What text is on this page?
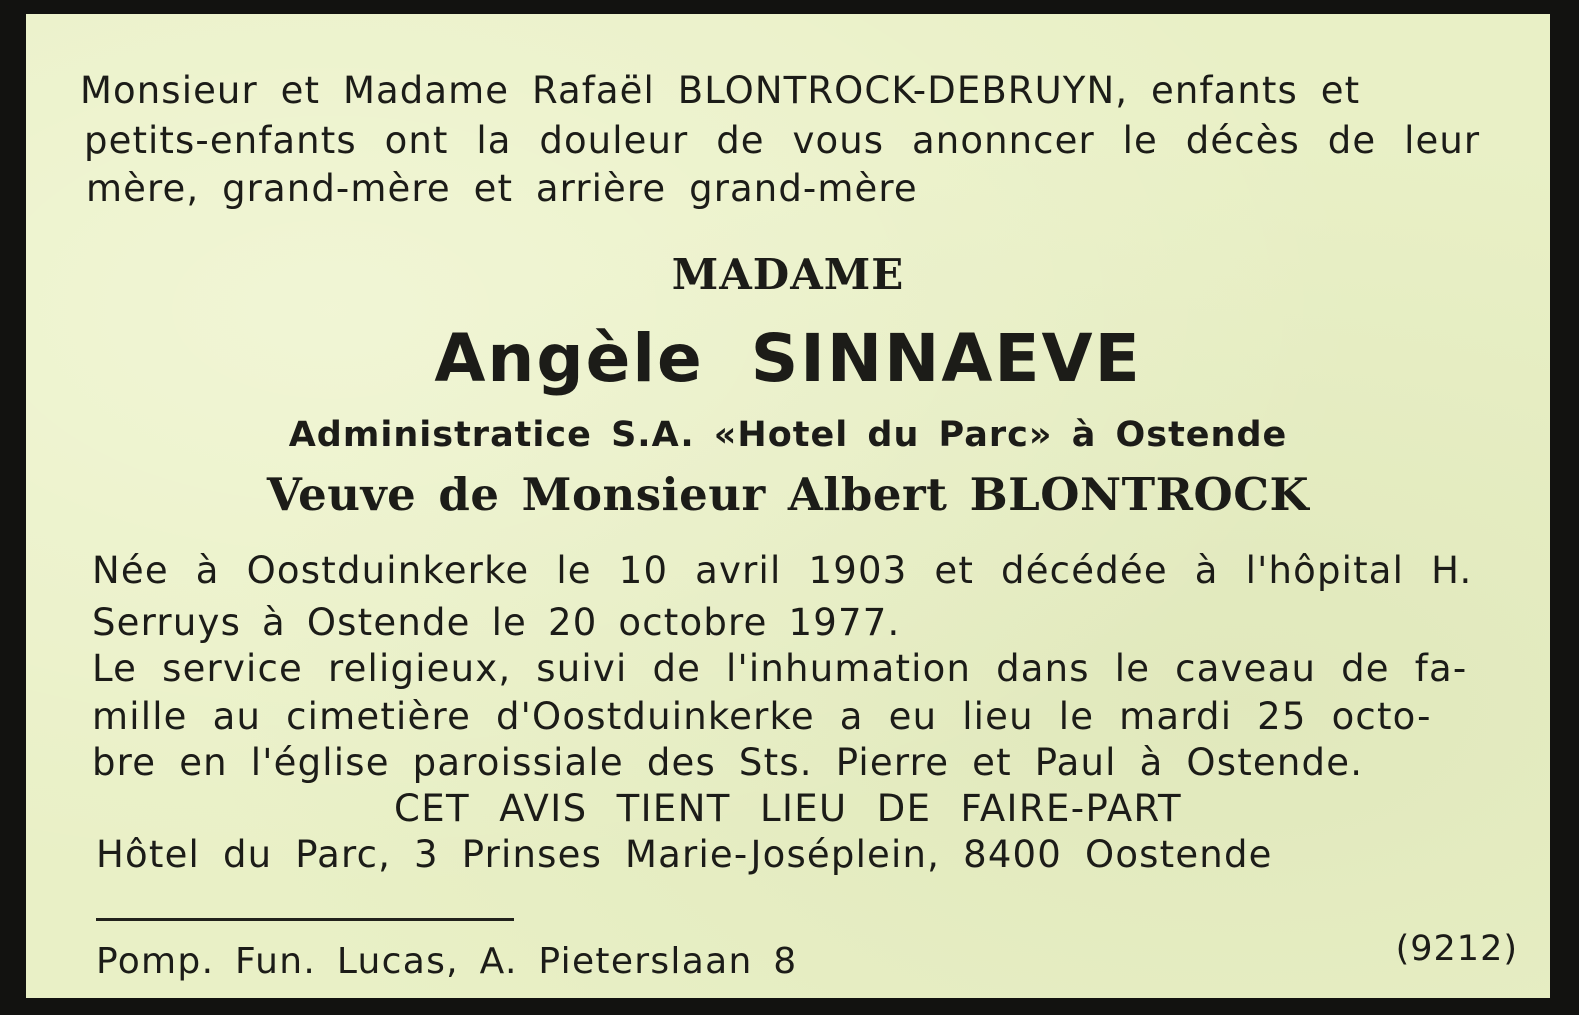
Monsieur et Madame Rafaël BLONTROCK-DEBRUYN, enfants et

petits-enfants ont la douleur de vous anonncer le décès de leur

mère, grand-mère et arrière grand-mère

MADAME
Angèle SINNAEVE

Administratice S.A. «Hotel du Parc» à Ostende

Veuve de Monsieur Albert BLONTROCK

Née à Oostduinkerke le 10 avril 1903 et décédée à l'hôpital H.

Serruys à Ostende le 20 octobre 1977.

Le service religieux, suivi de l'inhumation dans le caveau de fa-

mille au cimetière d'Oostduinkerke a eu lieu le mardi 25 octo-

bre en l'église paroissiale des Sts. Pierre et Paul à Ostende.

CET AVIS TIENT LIEU DE FAIRE-PART

Hôtel du Parc, 3 Prinses Marie-Joséplein, 8400 Oostende

Pomp. Fun. Lucas, A. Pieterslaan 8	(9212)
